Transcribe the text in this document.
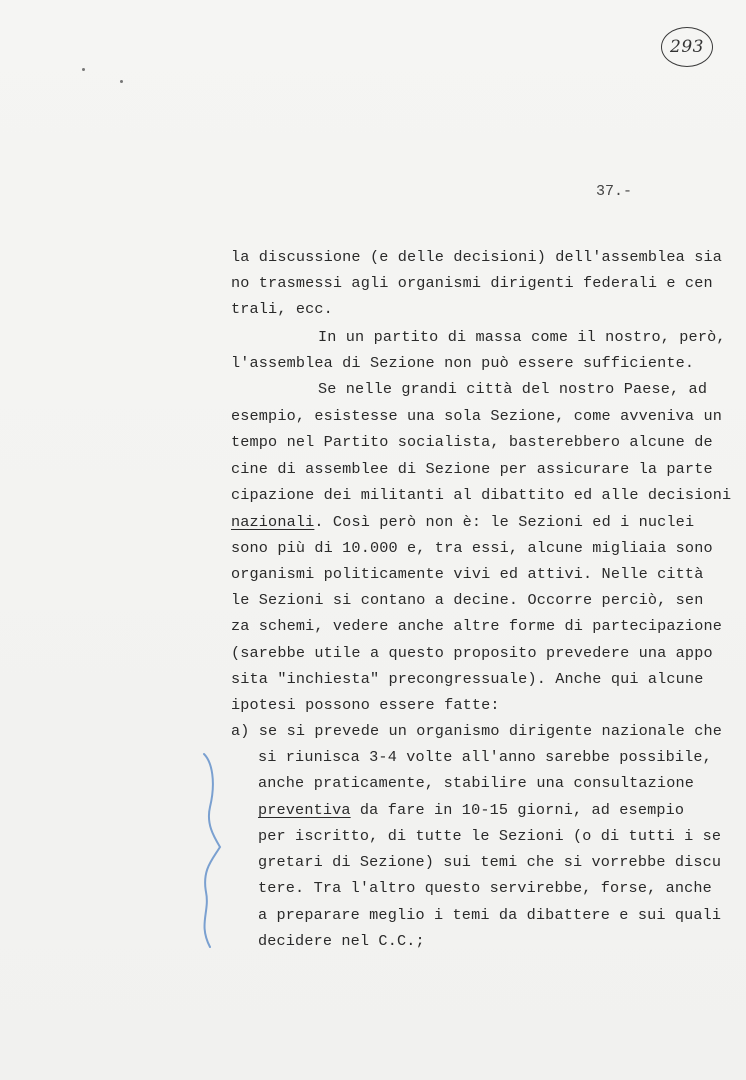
293
37.-
la discussione (e delle decisioni) dell'assemblea sia
no trasmessi agli organismi dirigenti federali e cen
trali, ecc.
In un partito di massa come il nostro, però,
l'assemblea di Sezione non può essere sufficiente.
Se nelle grandi città del nostro Paese, ad
esempio, esistesse una sola Sezione, come avveniva un
tempo nel Partito socialista, basterebbero alcune de
cine di assemblee di Sezione per assicurare la parte
cipazione dei militanti al dibattito ed alle decisioni
nazionali. Così però non è: le Sezioni ed i nuclei
sono più di 10.000 e, tra essi, alcune migliaia sono
organismi politicamente vivi ed attivi. Nelle città
le Sezioni si contano a decine. Occorre perciò, sen
za schemi, vedere anche altre forme di partecipazione
(sarebbe utile a questo proposito prevedere una appo
sita "inchiesta" precongressuale). Anche qui alcune
ipotesi possono essere fatte:
a) se si prevede un organismo dirigente nazionale che
si riunisca 3-4 volte all'anno sarebbe possibile,
anche praticamente, stabilire una consultazione
preventiva da fare in 10-15 giorni, ad esempio
per iscritto, di tutte le Sezioni (o di tutti i se
gretari di Sezione) sui temi che si vorrebbe discu
tere. Tra l'altro questo servirebbe, forse, anche
a preparare meglio i temi da dibattere e sui quali
decidere nel C.C.;
